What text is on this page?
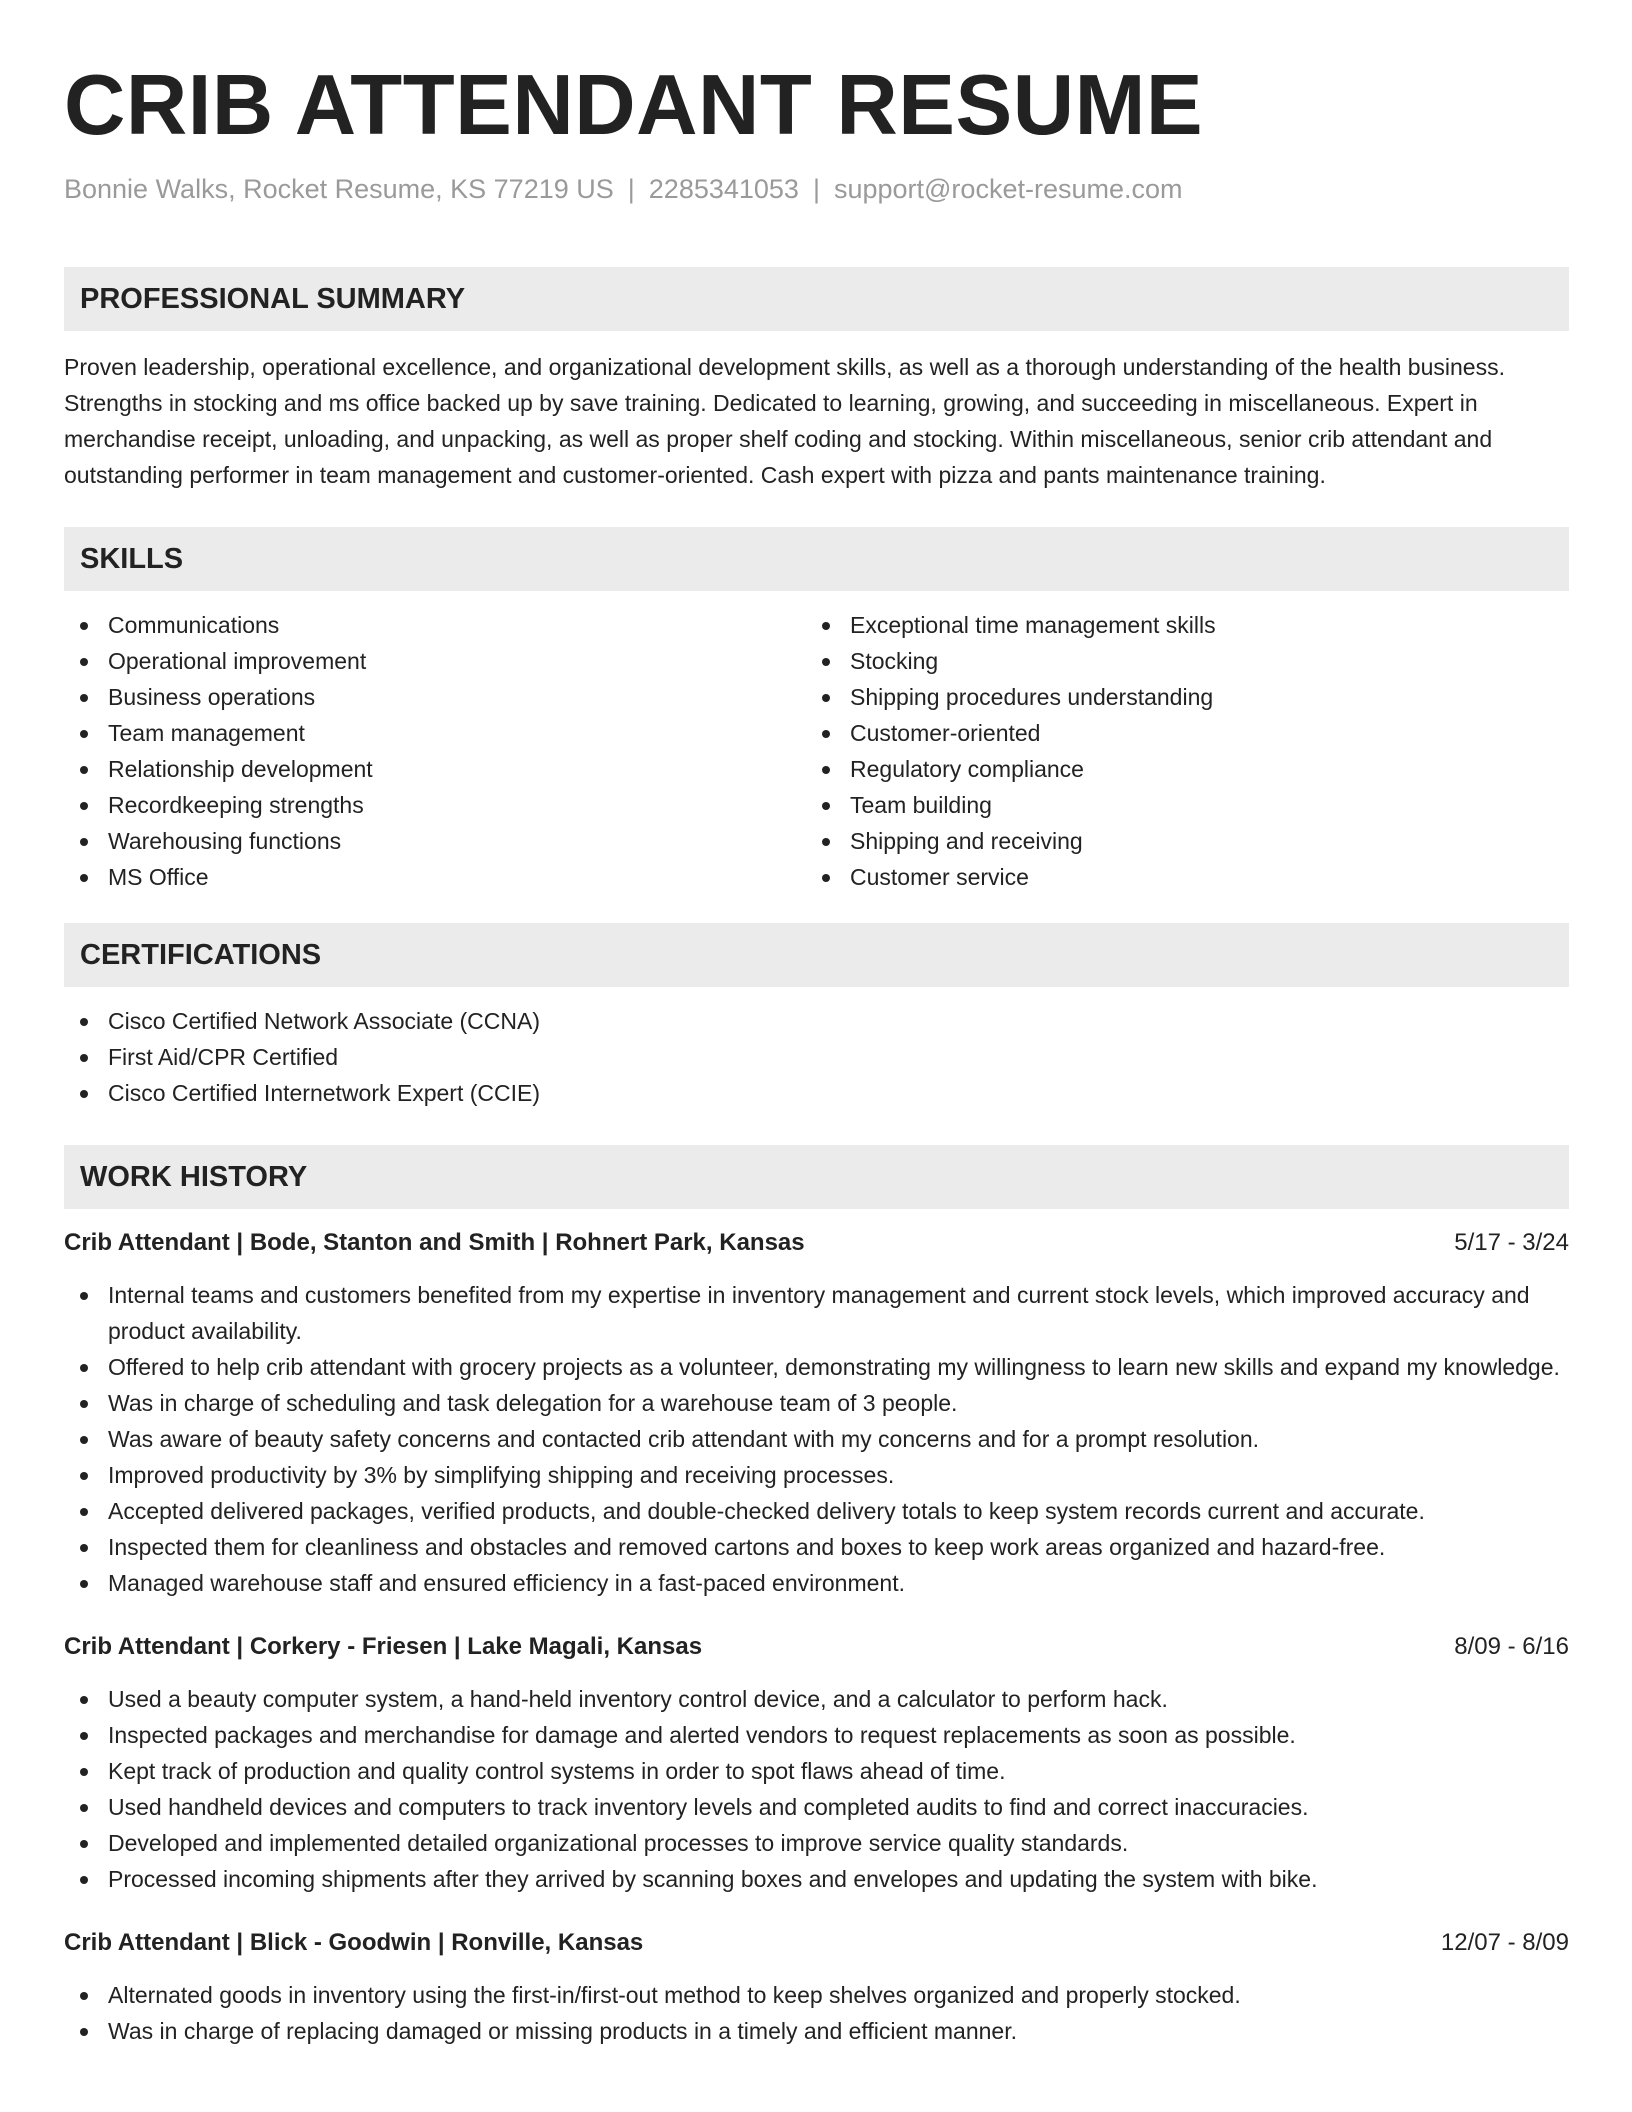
CRIB ATTENDANT RESUME
Bonnie Walks, Rocket Resume, KS 77219 US | 2285341053 | support@rocket-resume.com
PROFESSIONAL SUMMARY

Proven leadership, operational excellence, and organizational development skills, as well as a thorough understanding of the health business. Strengths in stocking and ms office backed up by save training. Dedicated to learning, growing, and succeeding in miscellaneous. Expert in merchandise receipt, unloading, and unpacking, as well as proper shelf coding and stocking. Within miscellaneous, senior crib attendant and outstanding performer in team management and customer-oriented. Cash expert with pizza and pants maintenance training.

SKILLS
Communications
Operational improvement
Business operations
Team management
Relationship development
Recordkeeping strengths
Warehousing functions
MS Office
Exceptional time management skills
Stocking
Shipping procedures understanding
Customer-oriented
Regulatory compliance
Team building
Shipping and receiving
Customer service
CERTIFICATIONS
Cisco Certified Network Associate (CCNA)
First Aid/CPR Certified
Cisco Certified Internetwork Expert (CCIE)
WORK HISTORY
Crib Attendant | Bode, Stanton and Smith | Rohnert Park, Kansas	5/17 - 3/24
Internal teams and customers benefited from my expertise in inventory management and current stock levels, which improved accuracy and product availability.
Offered to help crib attendant with grocery projects as a volunteer, demonstrating my willingness to learn new skills and expand my knowledge.
Was in charge of scheduling and task delegation for a warehouse team of 3 people.
Was aware of beauty safety concerns and contacted crib attendant with my concerns and for a prompt resolution.
Improved productivity by 3% by simplifying shipping and receiving processes.
Accepted delivered packages, verified products, and double-checked delivery totals to keep system records current and accurate.
Inspected them for cleanliness and obstacles and removed cartons and boxes to keep work areas organized and hazard-free.
Managed warehouse staff and ensured efficiency in a fast-paced environment.
Crib Attendant | Corkery - Friesen | Lake Magali, Kansas	8/09 - 6/16
Used a beauty computer system, a hand-held inventory control device, and a calculator to perform hack.
Inspected packages and merchandise for damage and alerted vendors to request replacements as soon as possible.
Kept track of production and quality control systems in order to spot flaws ahead of time.
Used handheld devices and computers to track inventory levels and completed audits to find and correct inaccuracies.
Developed and implemented detailed organizational processes to improve service quality standards.
Processed incoming shipments after they arrived by scanning boxes and envelopes and updating the system with bike.
Crib Attendant | Blick - Goodwin | Ronville, Kansas	12/07 - 8/09
Alternated goods in inventory using the first-in/first-out method to keep shelves organized and properly stocked.
Was in charge of replacing damaged or missing products in a timely and efficient manner.
